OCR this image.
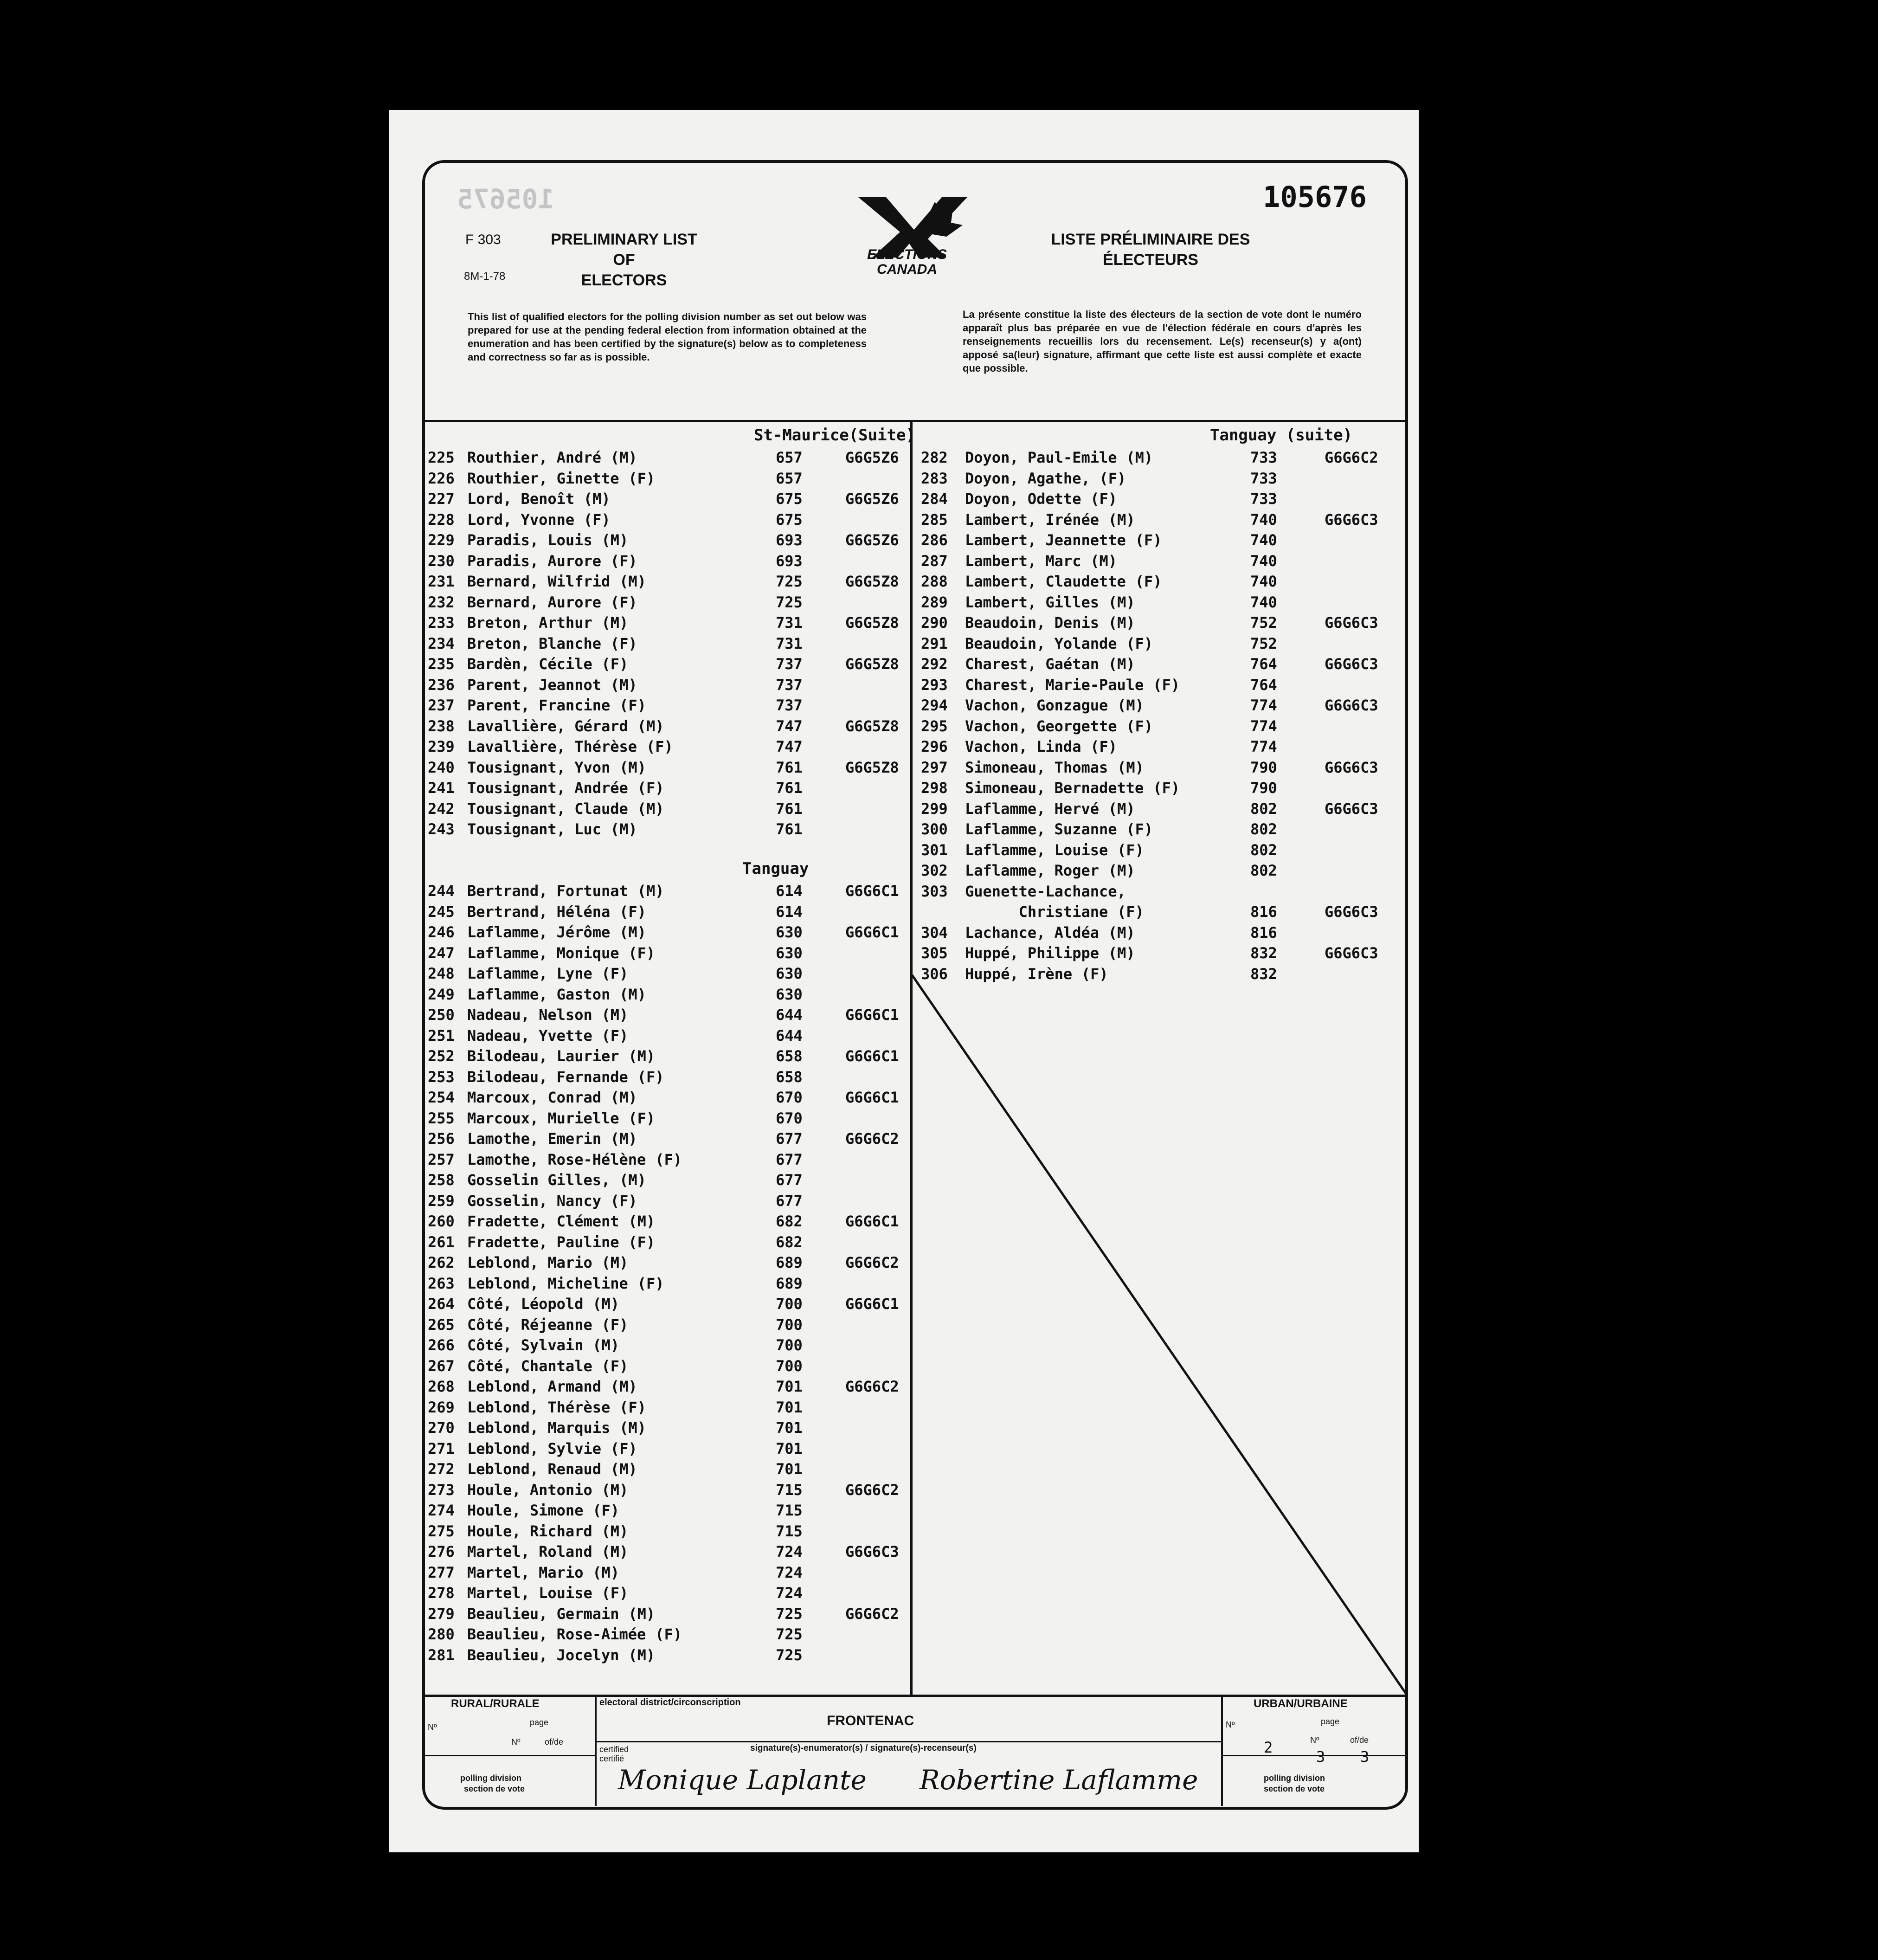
105675	105676
F 303
8M-1-78
PRELIMINARY LIST OF
ELECTORS
ELECTIONS
CANADA
LISTE PRÉLIMINAIRE DES
ÉLECTEURS
This list of qualified electors for the polling division number as set out below was prepared for use at the pending federal election from information obtained at the enumeration and has been certified by the signature(s) below as to completeness and correctness so far as is possible.
La présente constitue la liste des électeurs de la section de vote dont le numéro apparaît plus bas préparée en vue de l'élection fédérale en cours d'après les renseignements recueillis lors du recensement. Le(s) recenseur(s) y a(ont) apposé sa(leur) signature, affirmant que cette liste est aussi complète et exacte que possible.
St-Maurice(Suite)
225 Routhier, André (M)	657	G6G5Z6
226 Routhier, Ginette (F)	657
227 Lord, Benoît (M)	675	G6G5Z6
228 Lord, Yvonne (F)	675
229 Paradis, Louis (M)	693	G6G5Z6
230 Paradis, Aurore (F)	693
231 Bernard, Wilfrid (M)	725	G6G5Z8
232 Bernard, Aurore (F)	725
233 Breton, Arthur (M)	731	G6G5Z8
234 Breton, Blanche (F)	731
235 Bardèn, Cécile (F)	737	G6G5Z8
236 Parent, Jeannot (M)	737
237 Parent, Francine (F)	737
238 Lavallière, Gérard (M)	747	G6G5Z8
239 Lavallière, Thérèse (F)	747
240 Tousignant, Yvon (M)	761	G6G5Z8
241 Tousignant, Andrée (F)	761
242 Tousignant, Claude (M)	761
243 Tousignant, Luc (M)	761
Tanguay
244 Bertrand, Fortunat (M)	614	G6G6C1
245 Bertrand, Héléna (F)	614
246 Laflamme, Jérôme (M)	630	G6G6C1
247 Laflamme, Monique (F)	630
248 Laflamme, Lyne (F)	630
249 Laflamme, Gaston (M)	630
250 Nadeau, Nelson (M)	644	G6G6C1
251 Nadeau, Yvette (F)	644
252 Bilodeau, Laurier (M)	658	G6G6C1
253 Bilodeau, Fernande (F)	658
254 Marcoux, Conrad (M)	670	G6G6C1
255 Marcoux, Murielle (F)	670
256 Lamothe, Emerin (M)	677	G6G6C2
257 Lamothe, Rose-Hélène (F)	677
258 Gosselin Gilles, (M)	677
259 Gosselin, Nancy (F)	677
260 Fradette, Clément (M)	682	G6G6C1
261 Fradette, Pauline (F)	682
262 Leblond, Mario (M)	689	G6G6C2
263 Leblond, Micheline (F)	689
264 Côté, Léopold (M)	700	G6G6C1
265 Côté, Réjeanne (F)	700
266 Côté, Sylvain (M)	700
267 Côté, Chantale (F)	700
268 Leblond, Armand (M)	701	G6G6C2
269 Leblond, Thérèse (F)	701
270 Leblond, Marquis (M)	701
271 Leblond, Sylvie (F)	701
272 Leblond, Renaud (M)	701
273 Houle, Antonio (M)	715	G6G6C2
274 Houle, Simone (F)	715
275 Houle, Richard (M)	715
276 Martel, Roland (M)	724	G6G6C3
277 Martel, Mario (M)	724
278 Martel, Louise (F)	724
279 Beaulieu, Germain (M)	725	G6G6C2
280 Beaulieu, Rose-Aimée (F)	725
281 Beaulieu, Jocelyn (M)	725
Tanguay (suite)
282 Doyon, Paul-Emile (M)	733	G6G6C2
283 Doyon, Agathe, (F)	733
284 Doyon, Odette (F)	733
285 Lambert, Irénée (M)	740	G6G6C3
286 Lambert, Jeannette (F)	740
287 Lambert, Marc (M)	740
288 Lambert, Claudette (F)	740
289 Lambert, Gilles (M)	740
290 Beaudoin, Denis (M)	752	G6G6C3
291 Beaudoin, Yolande (F)	752
292 Charest, Gaétan (M)	764	G6G6C3
293 Charest, Marie-Paule (F)	764
294 Vachon, Gonzague (M)	774	G6G6C3
295 Vachon, Georgette (F)	774
296 Vachon, Linda (F)	774
297 Simoneau, Thomas (M)	790	G6G6C3
298 Simoneau, Bernadette (F)	790
299 Laflamme, Hervé (M)	802	G6G6C3
300 Laflamme, Suzanne (F)	802
301 Laflamme, Louise (F)	802
302 Laflamme, Roger (M)	802
303 Guenette-Lachance,
Christiane (F)	816	G6G6C3
304 Lachance, Aldéa (M)	816
305 Huppé, Philippe (M)	832	G6G6C3
306 Huppé, Irène (F)	832
RURAL/RURALE
Nº	page
Nº	of/de
polling division
section de vote
electoral district/circonscription
FRONTENAC
certified
certifié
signature(s)-enumerator(s) / signature(s)-recenseur(s)
Monique Laplante Robertine Laflamme
URBAN/URBAINE
Nº	page
Nº	of/de
2
3 3
polling division
section de vote
